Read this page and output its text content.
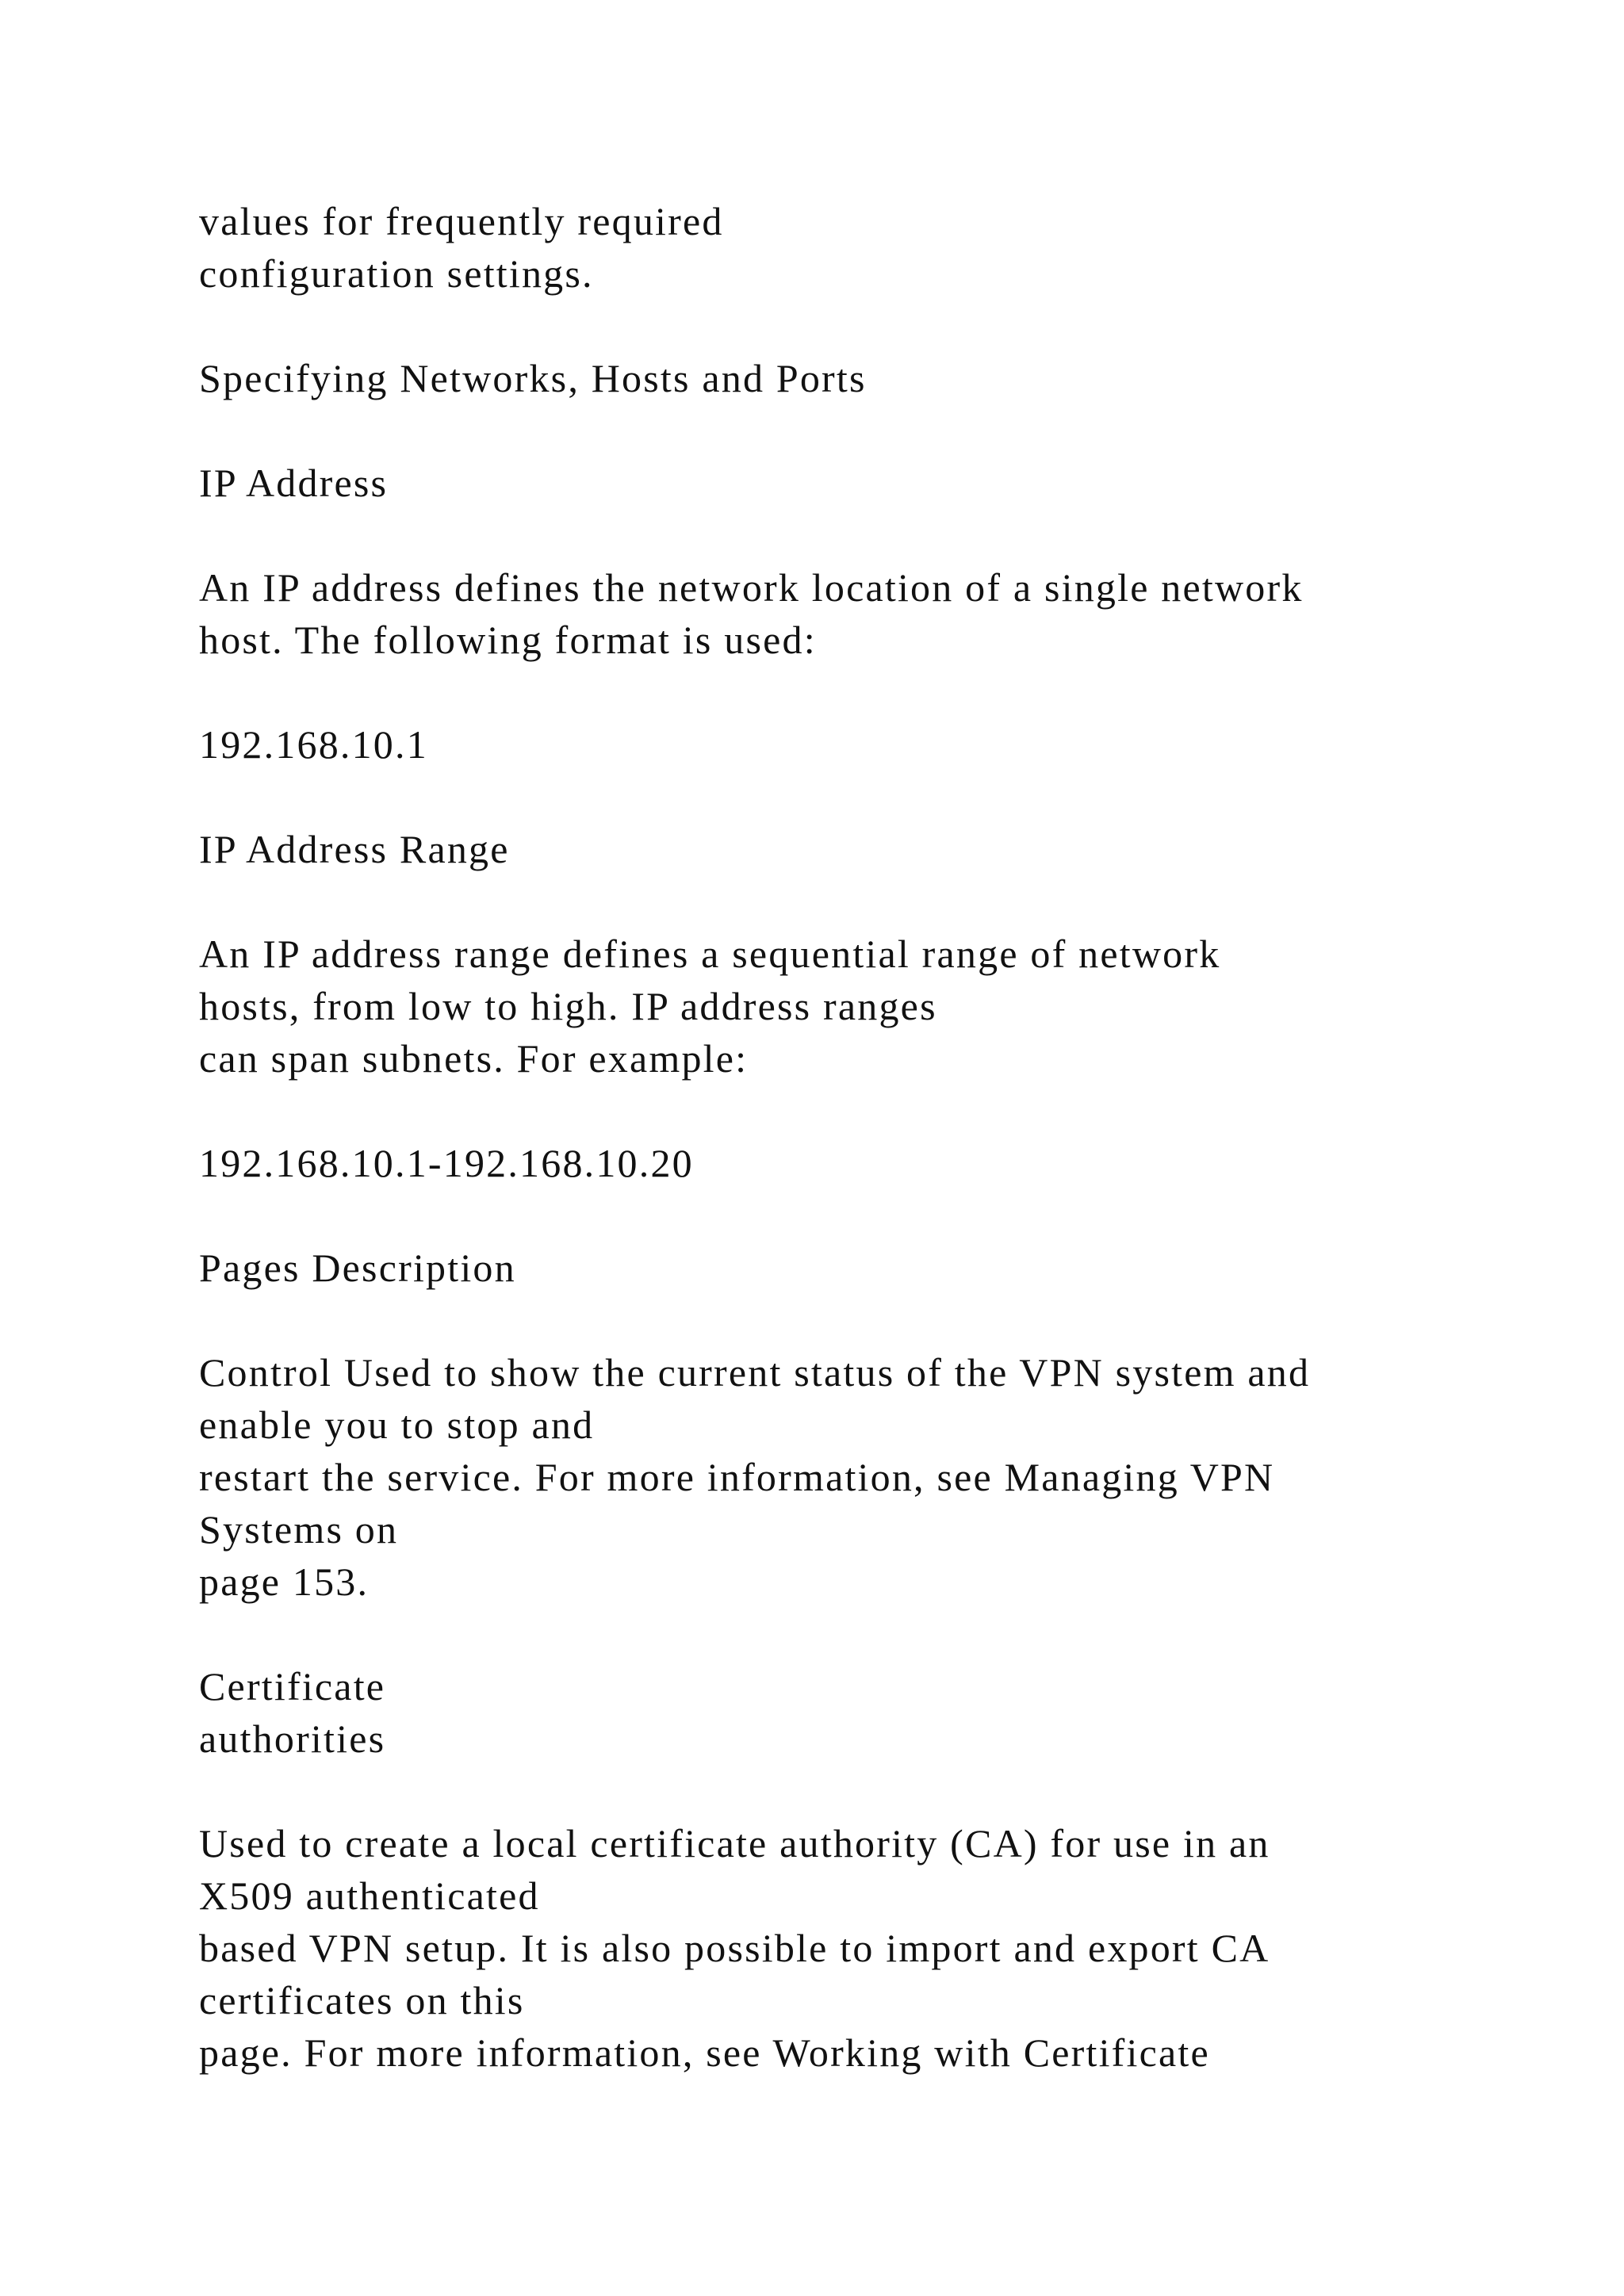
values for frequently required
configuration settings.
Specifying Networks, Hosts and Ports
IP Address
An IP address defines the network location of a single network
host. The following format is used:
192.168.10.1
IP Address Range
An IP address range defines a sequential range of network
hosts, from low to high. IP address ranges
can span subnets. For example:
192.168.10.1-192.168.10.20
Pages Description
Control Used to show the current status of the VPN system and
enable you to stop and
restart the service. For more information, see Managing VPN
Systems on
page 153.
Certificate
authorities
Used to create a local certificate authority (CA) for use in an
X509 authenticated
based VPN setup. It is also possible to import and export CA
certificates on this
page. For more information, see Working with Certificate
